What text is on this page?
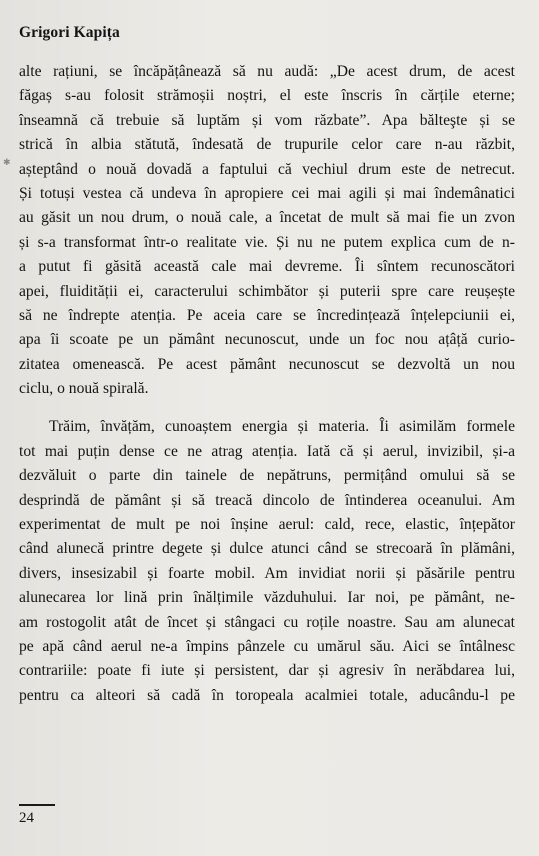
✱
Grigori Kapița
alte rațiuni, se încăpățânează să nu audă: „De acest drum, de acest
făgaș s-au folosit strămoșii noștri, el este înscris în cărțile eterne;
înseamnă că trebuie să luptăm și vom răzbate”. Apa bălteşte și se
strică în albia stătută, îndesată de trupurile celor care n-au răzbit,
așteptând o nouă dovadă a faptului că vechiul drum este de netrecut.
Și totuși vestea că undeva în apropiere cei mai agili și mai îndemânatici
au găsit un nou drum, o nouă cale, a încetat de mult să mai fie un zvon
și s-a transformat într-o realitate vie. Și nu ne putem explica cum de n-
a putut fi găsită această cale mai devreme. Îi sîntem recunoscători
apei, fluidității ei, caracterului schimbător și puterii spre care reușește
să ne îndrepte atenția. Pe aceia care se încredințează înțelepciunii ei,
apa îi scoate pe un pământ necunoscut, unde un foc nou ațâță curio-
zitatea omenească. Pe acest pământ necunoscut se dezvoltă un nou
ciclu, o nouă spirală.
Trăim, învățăm, cunoaștem energia și materia. Îi asimilăm formele
tot mai puțin dense ce ne atrag atenția. Iată că și aerul, invizibil, și-a
dezvăluit o parte din tainele de nepătruns, permițând omului să se
desprindă de pământ și să treacă dincolo de întinderea oceanului. Am
experimentat de mult pe noi înșine aerul: cald, rece, elastic, înțepător
când alunecă printre degete și dulce atunci când se strecoară în plămâni,
divers, insesizabil și foarte mobil. Am invidiat norii și păsările pentru
alunecarea lor lină prin înălțimile văzduhului. Iar noi, pe pământ, ne-
am rostogolit atât de încet și stângaci cu roțile noastre. Sau am alunecat
pe apă când aerul ne-a împins pânzele cu umărul său. Aici se întâlnesc
contrariile: poate fi iute și persistent, dar și agresiv în nerăbdarea lui,
pentru ca alteori să cadă în toropeala acalmiei totale, aducându-l pe
24
